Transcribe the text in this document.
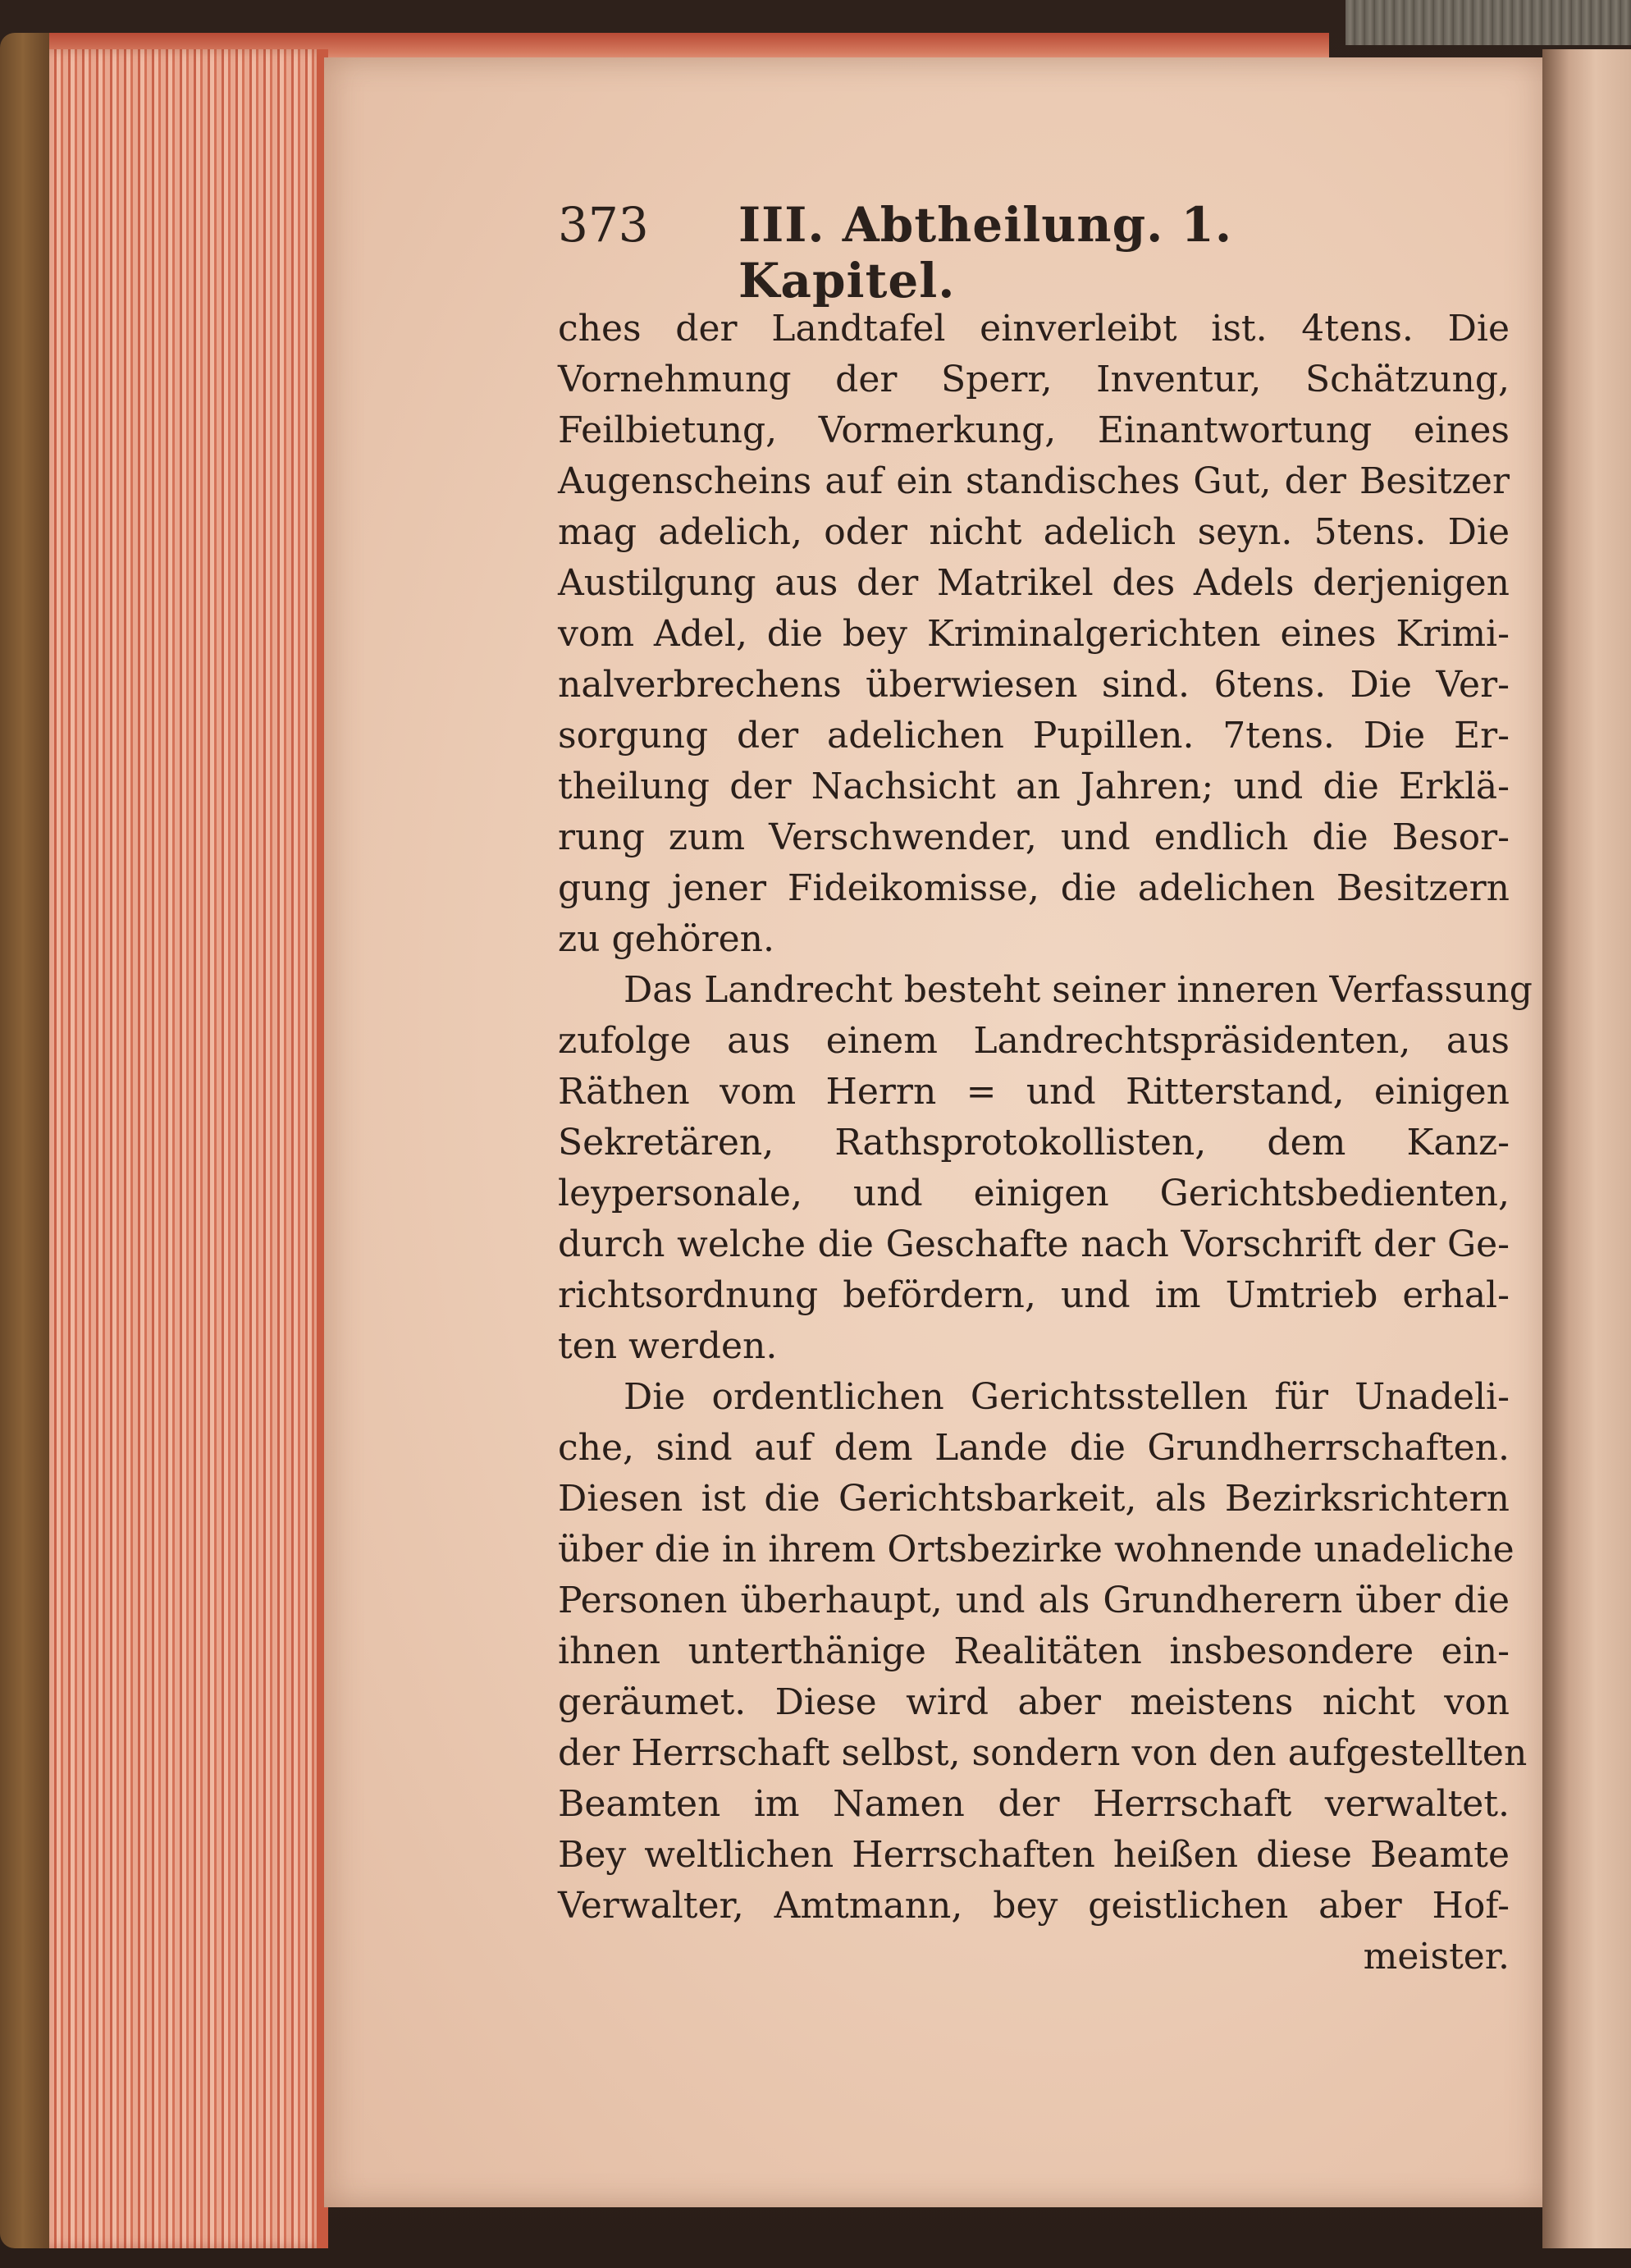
373 III. Abtheilung. 1. Kapitel.
ches der Landtafel einverleibt ist. 4tens. Die
Vornehmung der Sperr, Inventur, Schätzung,
Feilbietung, Vormerkung, Einantwortung eines
Augenscheins auf ein standisches Gut, der Besitzer
mag adelich, oder nicht adelich seyn. 5tens. Die
Austilgung aus der Matrikel des Adels derjenigen
vom Adel, die bey Kriminalgerichten eines Krimi-
nalverbrechens überwiesen sind. 6tens. Die Ver-
sorgung der adelichen Pupillen. 7tens. Die Er-
theilung der Nachsicht an Jahren; und die Erklä-
rung zum Verschwender, und endlich die Besor-
gung jener Fideikomisse, die adelichen Besitzern
zu gehören.
Das Landrecht besteht seiner inneren Verfassung
zufolge aus einem Landrechtspräsidenten, aus
Räthen vom Herrn = und Ritterstand, einigen
Sekretären, Rathsprotokollisten, dem Kanz-
leypersonale, und einigen Gerichtsbedienten,
durch welche die Geschafte nach Vorschrift der Ge-
richtsordnung befördern, und im Umtrieb erhal-
ten werden.
Die ordentlichen Gerichtsstellen für Unadeli-
che, sind auf dem Lande die Grundherrschaften.
Diesen ist die Gerichtsbarkeit, als Bezirksrichtern
über die in ihrem Ortsbezirke wohnende unadeliche
Personen überhaupt, und als Grundherern über die
ihnen unterthänige Realitäten insbesondere ein-
geräumet. Diese wird aber meistens nicht von
der Herrschaft selbst, sondern von den aufgestellten
Beamten im Namen der Herrschaft verwaltet.
Bey weltlichen Herrschaften heißen diese Beamte
Verwalter, Amtmann, bey geistlichen aber Hof-
meister.
